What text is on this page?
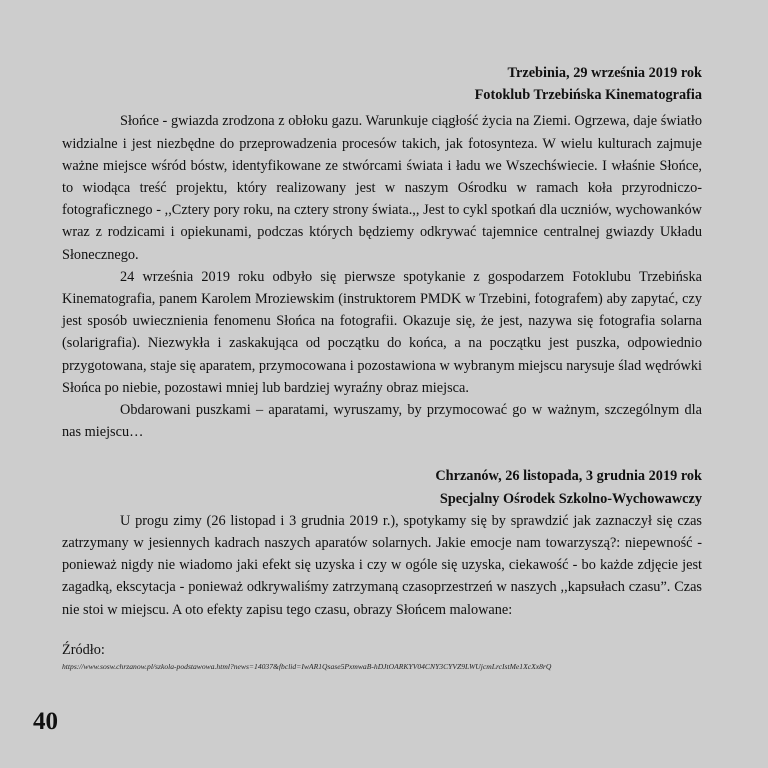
Trzebinia, 29 września 2019 rok
Fotoklub Trzebińska Kinematografia

Słońce - gwiazda zrodzona z obłoku gazu. Warunkuje ciągłość życia na Ziemi. Ogrzewa, daje światło widzialne i jest niezbędne do przeprowadzenia procesów takich, jak fotosynteza. W wielu kulturach zajmuje ważne miejsce wśród bóstw, identyfikowane ze stwórcami świata i ładu we Wszechświecie. I właśnie Słońce, to wiodąca treść projektu, który realizowany jest w naszym Ośrodku w ramach koła przyrodniczo-fotograficznego - ,,Cztery pory roku, na cztery strony świata.,, Jest to cykl spotkań dla uczniów, wychowanków wraz z rodzicami i opiekunami, podczas których będziemy odkrywać tajemnice centralnej gwiazdy Układu Słonecznego.

24 września 2019 roku odbyło się pierwsze spotykanie z gospodarzem Fotoklubu Trzebińska Kinematografia, panem Karolem Mroziewskim (instruktorem PMDK w Trzebini, fotografem) aby zapytać, czy jest sposób uwiecznienia fenomenu Słońca na fotografii. Okazuje się, że jest, nazywa się fotografia solarna (solarigrafia). Niezwykła i zaskakująca od początku do końca, a na początku jest puszka, odpowiednio przygotowana, staje się aparatem, przymocowana i pozostawiona w wybranym miejscu narysuje ślad wędrówki Słońca po niebie, pozostawi mniej lub bardziej wyraźny obraz miejsca.

Obdarowani puszkami – aparatami, wyruszamy, by przymocować go w ważnym, szczególnym dla nas miejscu…

Chrzanów, 26 listopada, 3 grudnia 2019 rok
Specjalny Ośrodek Szkolno-Wychowawczy

U progu zimy (26 listopad i 3 grudnia 2019 r.), spotykamy się by sprawdzić jak zaznaczył się czas zatrzymany w jesiennych kadrach naszych aparatów solarnych. Jakie emocje nam towarzyszą?: niepewność - ponieważ nigdy nie wiadomo jaki efekt się uzyska i czy w ogóle się uzyska, ciekawość - bo każde zdjęcie jest zagadką, ekscytacja - ponieważ odkrywaliśmy zatrzymaną czasoprzestrzeń w naszych ,,kapsułach czasu”. Czas nie stoi w miejscu. A oto efekty zapisu tego czasu, obrazy Słońcem malowane:

Źródło:
https://www.sosw.chrzanow.pl/szkola-podstawowa.html?news=14037&fbclid=IwAR1Qsase5PxmwaB-hDJtOARKYV04CNY3CYVZ9LWUjcmLrcIstMe1XcXx8rQ
40
